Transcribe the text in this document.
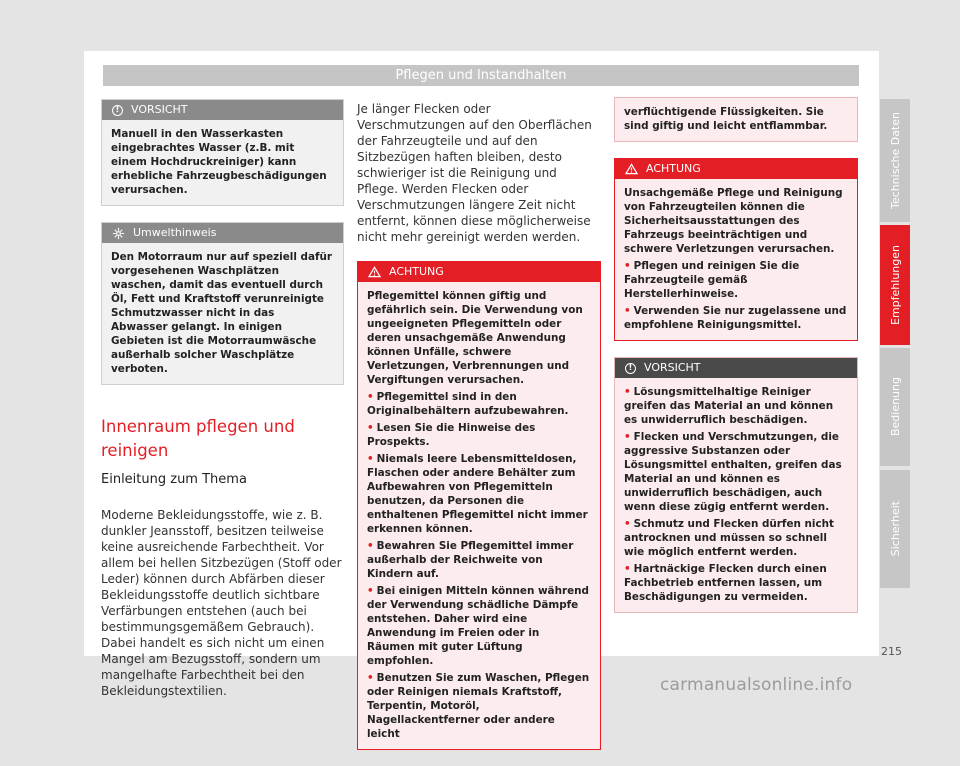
Pflegen und Instandhalten
!	VORSICHT

Manuell in den Wasserkasten eingebrachtes Wasser (z.B. mit einem Hochdruckreiniger) kann erhebliche Fahrzeugbeschädigungen verursachen.

Umwelthinweis

Den Motorraum nur auf speziell dafür vorgesehenen Waschplätzen waschen, damit das eventuell durch Öl, Fett und Kraftstoff verunreinigte Schmutzwasser nicht in das Abwasser gelangt. In einigen Gebieten ist die Motorraumwäsche außerhalb solcher Waschplätze verboten.

Innenraum pflegen und reinigen
Einleitung zum Thema
Moderne Bekleidungsstoffe, wie z. B. dunkler Jeansstoff, besitzen teilweise keine ausreichende Farbechtheit. Vor allem bei hellen Sitzbezügen (Stoff oder Leder) können durch Abfärben dieser Bekleidungsstoffe deutlich sichtbare Verfärbungen entstehen (auch bei bestimmungsgemäßem Gebrauch). Dabei handelt es sich nicht um einen Mangel am Bezugsstoff, sondern um mangelhafte Farbechtheit bei den Bekleidungstextilien.
Je länger Flecken oder Verschmutzungen auf den Oberflächen der Fahrzeugteile und auf den Sitzbezügen haften bleiben, desto schwieriger ist die Reinigung und Pflege. Werden Flecken oder Verschmutzungen längere Zeit nicht entfernt, können diese möglicherweise nicht mehr gereinigt werden werden.
ACHTUNG

Pflegemittel können giftig und gefährlich sein. Die Verwendung von ungeeigneten Pflegemitteln oder deren unsachgemäße Anwendung können Unfälle, schwere Verletzungen, Verbrennungen und Vergiftungen verursachen.

• Pflegemittel sind in den Originalbehältern aufzubewahren.
• Lesen Sie die Hinweise des Prospekts.
• Niemals leere Lebensmitteldosen, Flaschen oder andere Behälter zum Aufbewahren von Pflegemitteln benutzen, da Personen die enthaltenen Pflegemittel nicht immer erkennen können.
• Bewahren Sie Pflegemittel immer außerhalb der Reichweite von Kindern auf.
• Bei einigen Mitteln können während der Verwendung schädliche Dämpfe entstehen. Daher wird eine Anwendung im Freien oder in Räumen mit guter Lüftung empfohlen.
• Benutzen Sie zum Waschen, Pflegen oder Reinigen niemals Kraftstoff, Terpentin, Motoröl, Nagellackentferner oder andere leicht

verflüchtigende Flüssigkeiten. Sie sind giftig und leicht entflammbar.

ACHTUNG

Unsachgemäße Pflege und Reinigung von Fahrzeugteilen können die Sicherheitsausstattungen des Fahrzeugs beeinträchtigen und schwere Verletzungen verursachen.

• Pflegen und reinigen Sie die Fahrzeugteile gemäß Herstellerhinweise.
• Verwenden Sie nur zugelassene und empfohlene Reinigungsmittel.
!	VORSICHT
• Lösungsmittelhaltige Reiniger greifen das Material an und können es unwiderruflich beschädigen.
• Flecken und Verschmutzungen, die aggressive Substanzen oder Lösungsmittel enthalten, greifen das Material an und können es unwiderruflich beschädigen, auch wenn diese zügig entfernt werden.
• Schmutz und Flecken dürfen nicht antrocknen und müssen so schnell wie möglich entfernt werden.
• Hartnäckige Flecken durch einen Fachbetrieb entfernen lassen, um Beschädigungen zu vermeiden.
Technische Daten
Empfehlungen
Bedienung
Sicherheit
215
carmanualsonline.info
